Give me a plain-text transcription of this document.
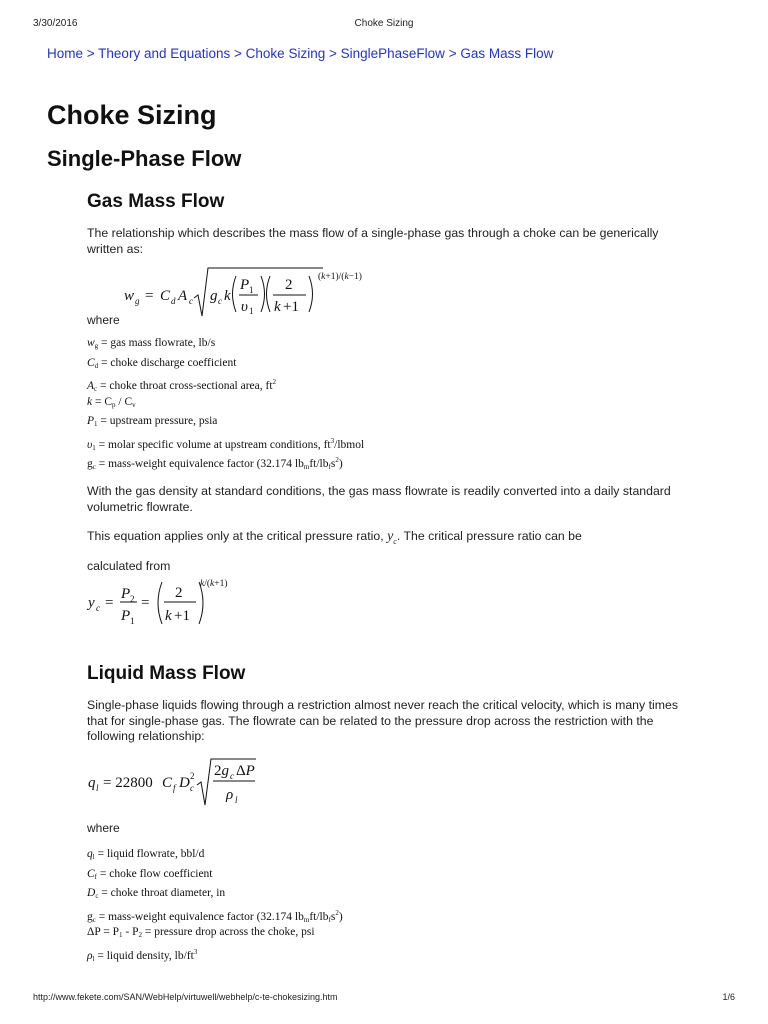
3/30/2016	Choke Sizing
Home > Theory and Equations > Choke Sizing > SinglePhaseFlow > Gas Mass Flow
Choke Sizing
Single-Phase Flow
Gas Mass Flow

The relationship which describes the mass flow of a single-phase gas through a choke can be generically written as:

w g = C d A c g c k
P 1
υ 1
2
k +1
(k+1)/(k−1)
where
$w_g$ = gas mass flowrate, lb/s
$C_d$ = choke discharge coefficient
$A_c$ = choke throat cross-sectional area, $ft^2$
$k = C_p / C_v$
$P_1$ = upstream pressure, psia
$\upsilon_1$ = molar specific volume at upstream conditions, $ft^3$/lbmol
$g_c$ = mass-weight equivalence factor (32.174 $lb_mft/lb_fs^2$)

With the gas density at standard conditions, the gas mass flowrate is readily converted into a daily standard volumetric flowrate.

This equation applies only at the critical pressure ratio, $y_c$. The critical pressure ratio can be
calculated from

y c =
P 2
P 1
=
2
k +1
k/(k+1)
Liquid Mass Flow

Single-phase liquids flowing through a restriction almost never reach the critical velocity, which is many times that for single-phase gas. The flowrate can be related to the pressure drop across the restriction with the following relationship:

q l = 22800 C f D 2
c
2g c ΔP
ρ l
where
$q_l$ = liquid flowrate, bbl/d
$C_f$ = choke flow coefficient
$D_c$ = choke throat diameter, in
$g_c$ = mass-weight equivalence factor (32.174 $lb_mft/lb_fs^2$)
$\Delta P = P_1 - P_2$ = pressure drop across the choke, psi
$\rho_l$ = liquid density, $lb/ft^3$
http://www.fekete.com/SAN/WebHelp/virtuwell/webhelp/c-te-chokesizing.htm	1/6
